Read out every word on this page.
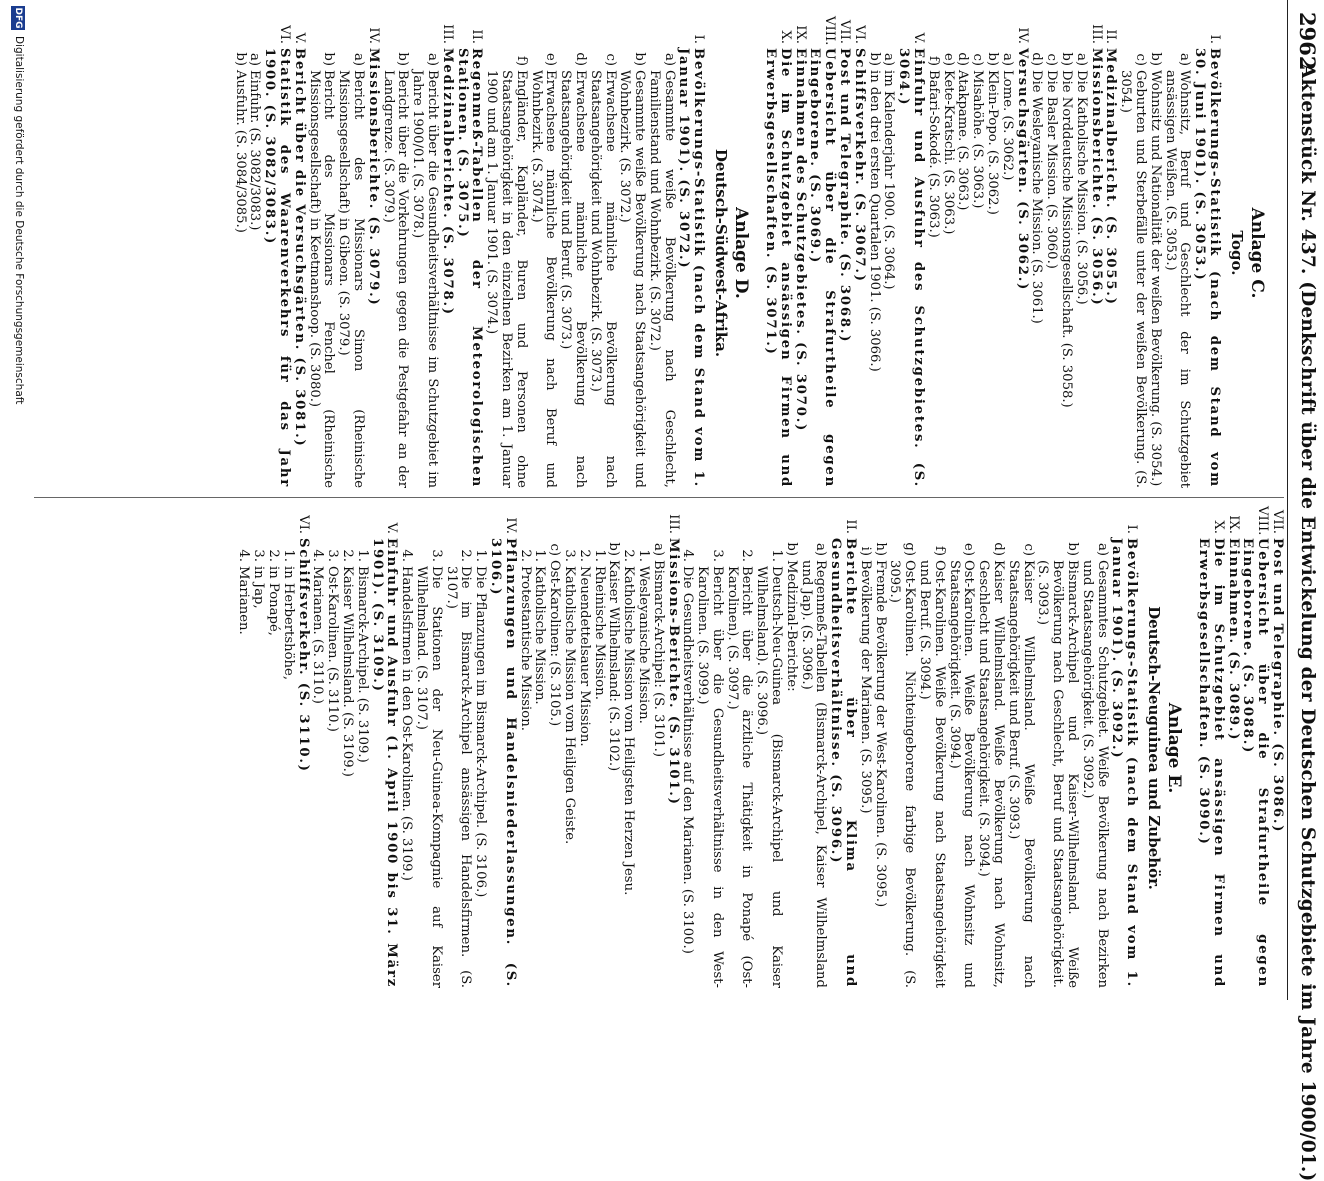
2962
Aktenstück Nr. 437. (Denkschrift über die Entwickelung der Deutschen Schutzgebiete im Jahre 1900/01.)

Anlage C.

Togo.

I.
Bevölkerungs-Statistik (nach dem Stand vom 30. Juni 1901). (S. 3053.)
a)
Wohnsitz, Beruf und Geschlecht der im Schutzgebiet ansässigen Weißen. (S. 3053.)
b)
Wohnsitz und Nationalität der weißen Bevölkerung. (S. 3054.)
c)
Geburten und Sterbefälle unter der weißen Bevölkerung. (S. 3054.)
II.
Medizinalbericht. (S. 3055.)
III.
Missionsberichte. (S. 3056.)
a)
Die Katholische Mission. (S. 3056.)
b)
Die Norddeutsche Missionsgesellschaft. (S. 3058.)
c)
Die Basler Mission. (S. 3060.)
d)
Die Wesleyanische Mission. (S. 3061.)
IV.
Versuchsgärten. (S. 3062.)
a)
Lome. (S. 3062.)
b)
Klein-Popo. (S. 3062.)
c)
Misahöhe. (S. 3063.)
d)
Atakpame. (S. 3063.)
e)
Kete-Kratschi. (S. 3063.)
f)
Bafari-Sokodé. (S. 3063.)
V.
Einfuhr und Ausfuhr des Schutzgebietes. (S. 3064.)
a)
im Kalenderjahr 1900. (S. 3064.)
b)
in den drei ersten Quartalen 1901. (S. 3066.)
VI.
Schiffsverkehr. (S. 3067.)
VII.
Post und Telegraphie. (S. 3068.)
VIII.
Uebersicht über die Strafurtheile gegen Eingeborene. (S. 3069.)
IX.
Einnahmen des Schutzgebietes. (S. 3070.)
X.
Die im Schutzgebiet ansässigen Firmen und Erwerbsgesellschaften. (S. 3071.)

Anlage D.

Deutsch-Südwest-Afrika.

I.
Bevölkerungs-Statistik (nach dem Stand vom 1. Januar 1901). (S. 3072.)
a)
Gesammte weiße Bevölkerung nach Geschlecht, Familienstand und Wohnbezirk. (S. 3072.)
b)
Gesammte weiße Bevölkerung nach Staatsangehörigkeit und Wohnbezirk. (S. 3072.)
c)
Erwachsene männliche Bevölkerung nach Staatsangehörigkeit und Wohnbezirk. (S. 3073.)
d)
Erwachsene männliche Bevölkerung nach Staatsangehörigkeit und Beruf. (S. 3073.)
e)
Erwachsene männliche Bevölkerung nach Beruf und Wohnbezirk. (S. 3074.)
f)
Engländer, Kapländer, Buren und Personen ohne Staatsangehörigkeit in den einzelnen Bezirken am 1. Januar 1900 und am 1. Januar 1901. (S. 3074.)
II.
Regenmeß-Tabellen der Meteorologischen Stationen. (S. 3075.)
III.
Medizinalberichte. (S. 3078.)
a)
Bericht über die Gesundheitsverhältnisse im Schutzgebiet im Jahre 1900/01. (S. 3078.)
b)
Bericht über die Vorkehrungen gegen die Pestgefahr an der Landgrenze. (S. 3079.)
IV.
Missionsberichte. (S. 3079.)
a)
Bericht des Missionars Simon (Rheinische Missionsgesellschaft) in Gibeon. (S. 3079.)
b)
Bericht des Missionars Fenchel (Rheinische Missionsgesellschaft) in Keetmanshoop. (S. 3080.)
V.
Bericht über die Versuchsgärten. (S. 3081.)
VI.
Statistik des Waarenverkehrs für das Jahr 1900. (S. 3082/3083.)
a)
Einfuhr. (S. 3082/3083.)
b)
Ausfuhr. (S. 3084/3085.)
VII.
Post und Telegraphie. (S. 3086.)
VIII.
Uebersicht über die Strafurtheile gegen Eingeborene. (S. 3088.)
IX.
Einnahmen. (S. 3089.)
X.
Die im Schutzgebiet ansässigen Firmen und Erwerbsgesellschaften. (S. 3090.)

Anlage E.

Deutsch-Neuguinea und Zubehör.

I.
Bevölkerungs-Statistik (nach dem Stand vom 1. Januar 1901). (S. 3092.)
a)
Gesammtes Schutzgebiet. Weiße Bevölkerung nach Bezirken und Staatsangehörigkeit. (S. 3092.)
b)
Bismarck-Archipel und Kaiser-Wilhelmsland. Weiße Bevölkerung nach Geschlecht, Beruf und Staatsangehörigkeit. (S. 3093.)
c)
Kaiser Wilhelmsland. Weiße Bevölkerung nach Staatsangehörigkeit und Beruf. (S. 3093.)
d)
Kaiser Wilhelmsland. Weiße Bevölkerung nach Wohnsitz, Geschlecht und Staatsangehörigkeit. (S. 3094.)
e)
Ost-Karolinen. Weiße Bevölkerung nach Wohnsitz und Staatsangehörigkeit. (S. 3094.)
f)
Ost-Karolinen. Weiße Bevölkerung nach Staatsangehörigkeit und Beruf. (S. 3094.)
g)
Ost-Karolinen. Nichteingeborene farbige Bevölkerung. (S. 3095.)
h)
Fremde Bevölkerung der West-Karolinen. (S. 3095.)
i)
Bevölkerung der Marianen. (S. 3095.)
II.
Berichte über Klima und Gesundheitsverhältnisse. (S. 3096.)
a)
Regenmeß-Tabellen (Bismarck-Archipel, Kaiser Wilhelmsland und Jap). (S. 3096.)
b)
Medizinal-Berichte:
1.
Deutsch-Neu-Guinea (Bismarck-Archipel und Kaiser Wilhelmsland). (S. 3096.)
2.
Bericht über die ärztliche Thätigkeit in Ponapé (Ost-Karolinen). (S. 3097.)
3.
Bericht über die Gesundheitsverhältnisse in den West-Karolinen. (S. 3099.)
4.
Die Gesundheitsverhältnisse auf den Marianen. (S. 3100.)
III.
Missions-Berichte. (S. 3101.)
a)
Bismarck-Archipel: (S. 3101.)
1.
Wesleyanische Mission.
2.
Katholische Mission vom Heiligsten Herzen Jesu.
b)
Kaiser Wilhelmsland: (S. 3102.)
1.
Rheinische Mission.
2.
Neuendettelsauer Mission.
3.
Katholische Mission vom Heiligen Geiste.
c)
Ost-Karolinen: (S. 3105.)
1.
Katholische Mission.
2.
Protestantische Mission.
IV.
Pflanzungen und Handelsniederlassungen. (S. 3106.)
1.
Die Pflanzungen im Bismarck-Archipel. (S. 3106.)
2.
Die im Bismarck-Archipel ansässigen Handelsfirmen. (S. 3107.)
3.
Die Stationen der Neu-Guinea-Kompagnie auf Kaiser Wilhelmsland. (S. 3107.)
4.
Handelsfirmen in den Ost-Karolinen. (S. 3109.)
V.
Einfuhr und Ausfuhr (1. April 1900 bis 31. März 1901). (S. 3109.)
1.
Bismarck-Archipel. (S. 3109.)
2.
Kaiser Wilhelmsland. (S. 3109.)
3.
Ost-Karolinen. (S. 3110.)
4.
Marianen. (S. 3110.)
VI.
Schiffsverkehr. (S. 3110.)
1.
in Herbertshöhe,
2.
in Ponapé,
3.
in Jap,
4.
Marianen.
DFG
Digitalisierung gefördert durch die Deutsche Forschungsgemeinschaft
